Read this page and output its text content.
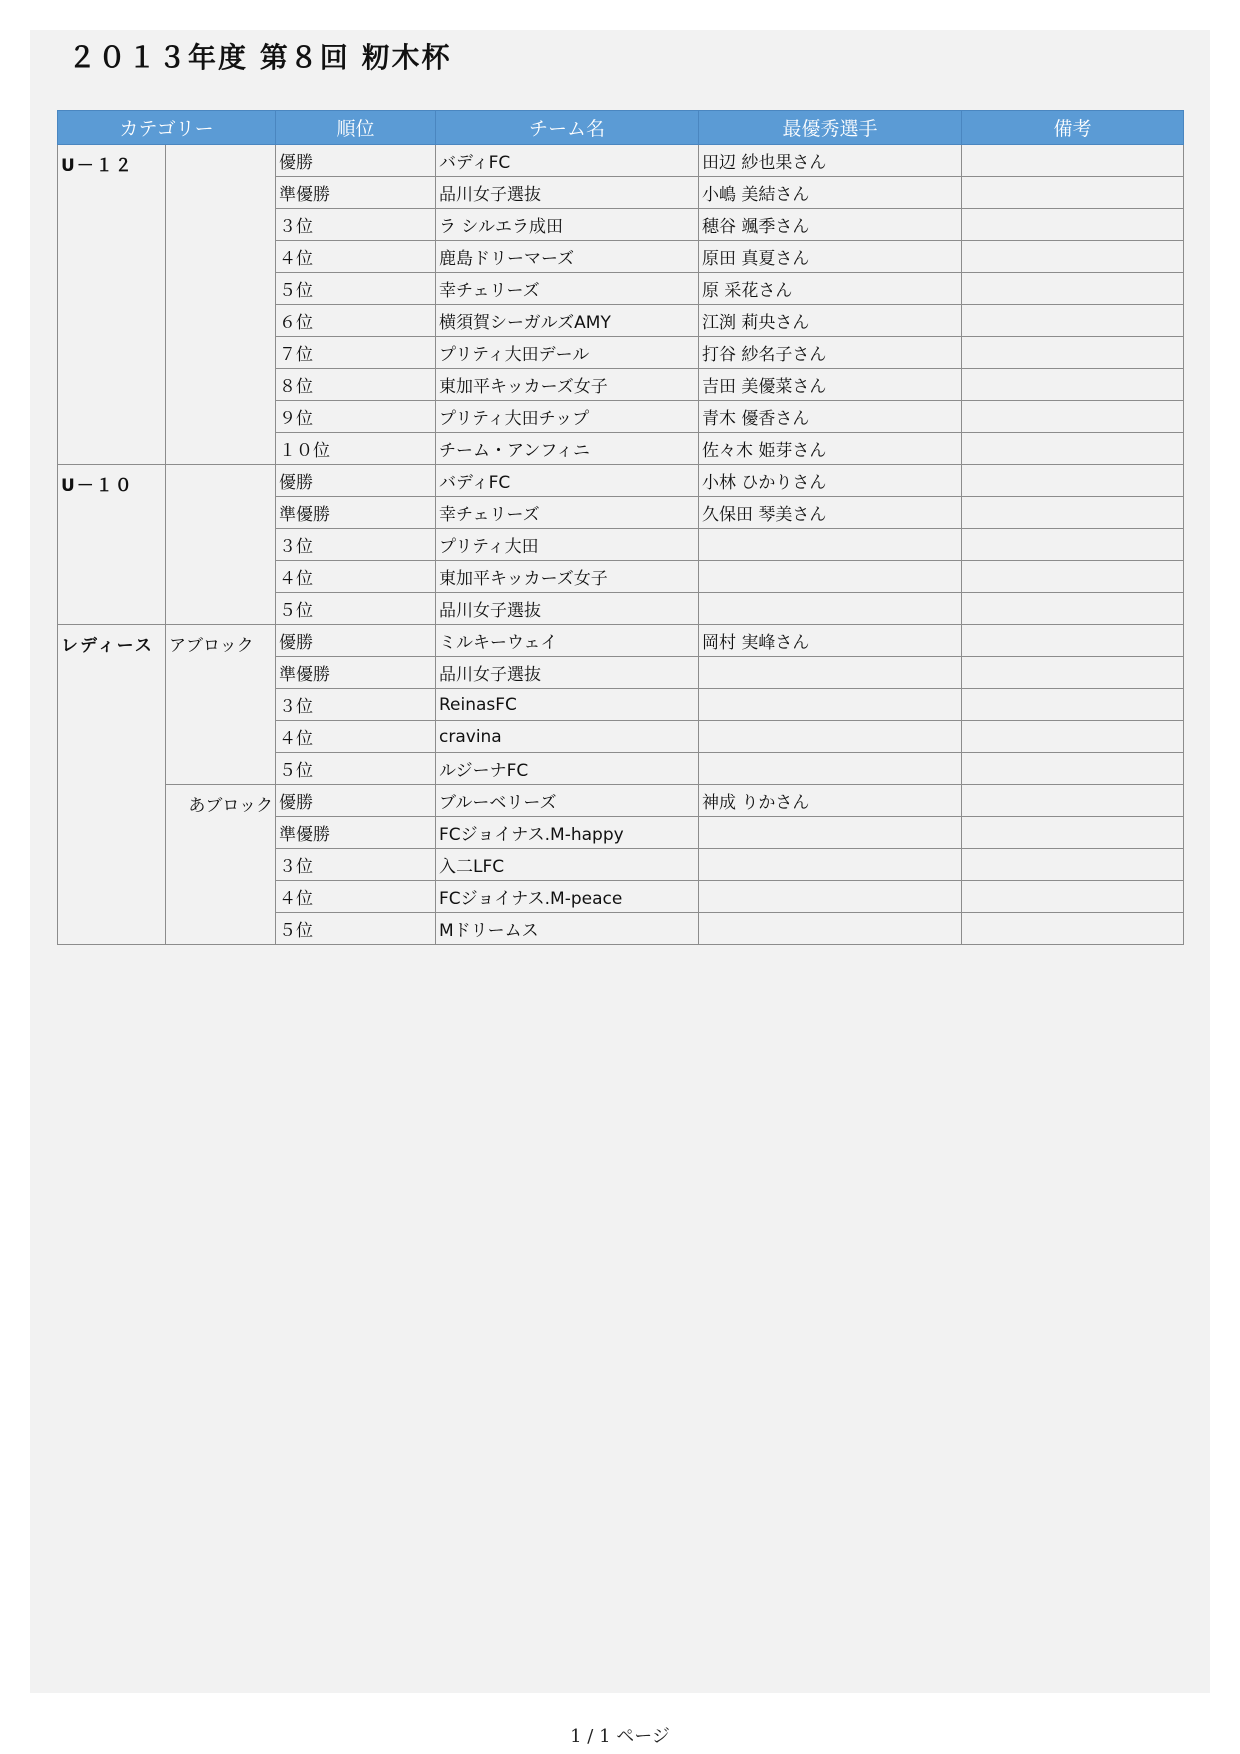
２０１３年度 第８回 籾木杯
カテゴリー		順位	チーム名	最優秀選手	備考
U－１２		優勝	バディFC	田辺 紗也果さん	
		準優勝	品川女子選抜	小嶋 美結さん	
		３位	ラ シルエラ成田	穂谷 颯季さん	
		４位	鹿島ドリーマーズ	原田 真夏さん	
		５位	幸チェリーズ	原 采花さん	
		６位	横須賀シーガルズAMY	江渕 莉央さん	
		７位	プリティ大田デール	打谷 紗名子さん	
		８位	東加平キッカーズ女子	吉田 美優菜さん	
		９位	プリティ大田チップ	青木 優香さん	
		１０位	チーム・アンフィニ	佐々木 姫芽さん	
U－１０		優勝	バディFC	小林 ひかりさん	
		準優勝	幸チェリーズ	久保田 琴美さん	
		３位	プリティ大田		
		４位	東加平キッカーズ女子		
		５位	品川女子選抜		
レディース	アブロック	優勝	ミルキーウェイ	岡村 実峰さん	
		準優勝	品川女子選抜		
		３位	ReinasFC		
		４位	cravina		
		５位	ルジーナFC		
	あブロック	優勝	ブルーベリーズ	神成 りかさん	
		準優勝	FCジョイナス.M-happy		
		３位	入二LFC		
		４位	FCジョイナス.M-peace		
		５位	Mドリームス		
1 / 1 ページ
